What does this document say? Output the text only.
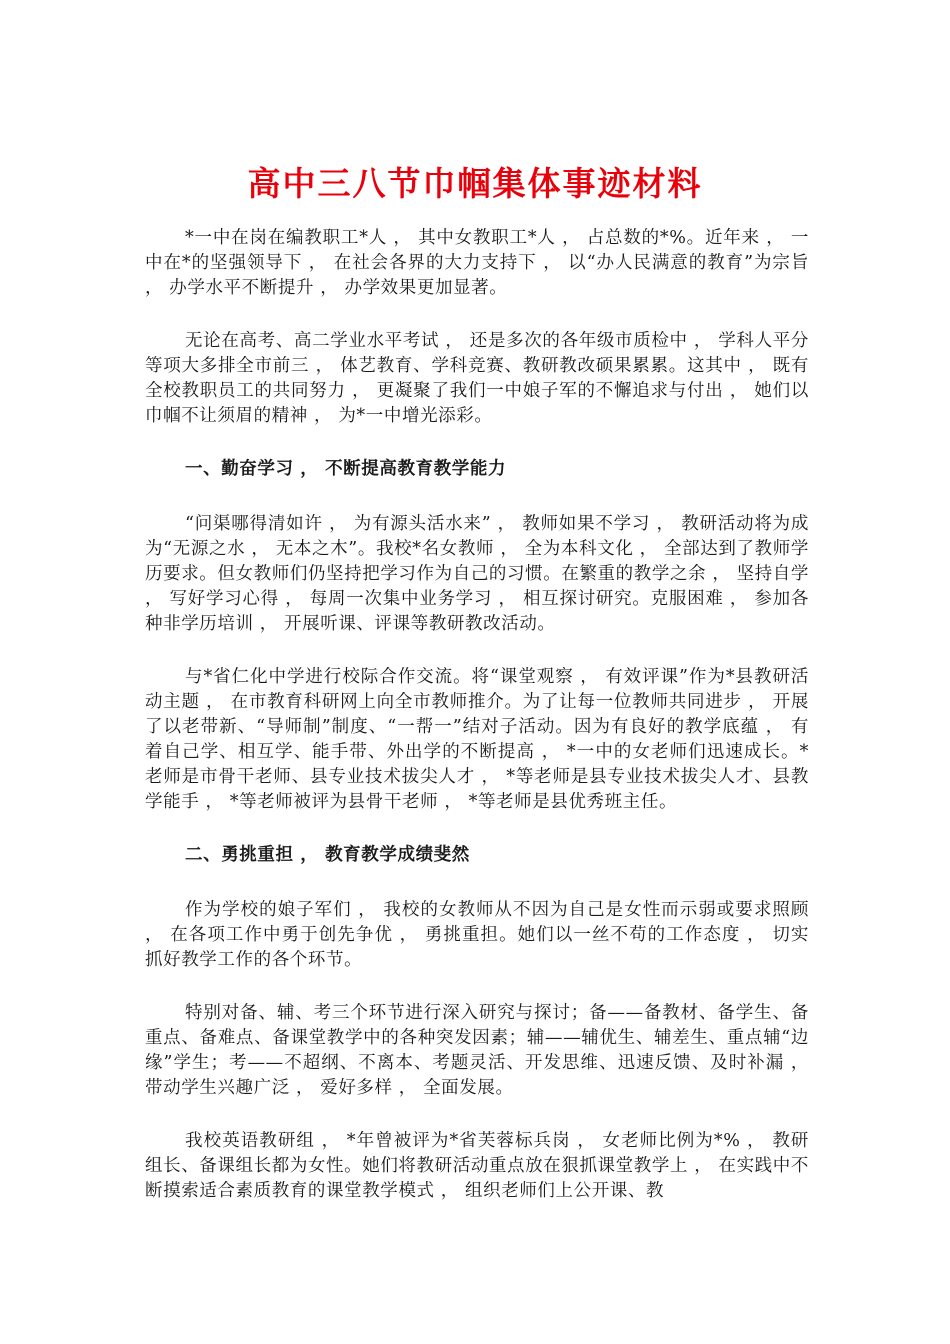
高中三八节巾帼集体事迹材料

*一中在岗在编教职工*人 ， 其中女教职工*人 ， 占总数的*%。近年来 ， 一中在*的坚强领导下 ， 在社会各界的大力支持下 ， 以“办人民满意的教育”为宗旨 ， 办学水平不断提升 ， 办学效果更加显著。

无论在高考、高二学业水平考试 ， 还是多次的各年级市质检中 ， 学科人平分等项大多排全市前三 ， 体艺教育、学科竞赛、教研教改硕果累累。这其中 ， 既有全校教职员工的共同努力 ， 更凝聚了我们一中娘子军的不懈追求与付出 ， 她们以巾帼不让须眉的精神 ， 为*一中增光添彩。

一、勤奋学习 ， 不断提高教育教学能力

“问渠哪得清如许 ， 为有源头活水来” ， 教师如果不学习 ， 教研活动将为成为“无源之水 ， 无本之木”。我校*名女教师 ， 全为本科文化 ， 全部达到了教师学历要求。但女教师们仍坚持把学习作为自己的习惯。在繁重的教学之余 ， 坚持自学 ， 写好学习心得 ， 每周一次集中业务学习 ， 相互探讨研究。克服困难 ， 参加各种非学历培训 ， 开展听课、评课等教研教改活动。

与*省仁化中学进行校际合作交流。将“课堂观察 ， 有效评课”作为*县教研活动主题 ， 在市教育科研网上向全市教师推介。为了让每一位教师共同进步 ， 开展了以老带新、“导师制”制度、“一帮一”结对子活动。因为有良好的教学底蕴 ， 有着自己学、相互学、能手带、外出学的不断提高 ， *一中的女老师们迅速成长。*老师是市骨干老师、县专业技术拔尖人才 ， *等老师是县专业技术拔尖人才、县教学能手 ， *等老师被评为县骨干老师 ， *等老师是县优秀班主任。

二、勇挑重担 ， 教育教学成绩斐然

作为学校的娘子军们 ， 我校的女教师从不因为自己是女性而示弱或要求照顾 ， 在各项工作中勇于创先争优 ， 勇挑重担。她们以一丝不苟的工作态度 ， 切实抓好教学工作的各个环节。

特别对备、辅、考三个环节进行深入研究与探讨；备——备教材、备学生、备重点、备难点、备课堂教学中的各种突发因素；辅——辅优生、辅差生、重点辅“边缘”学生；考——不超纲、不离本、考题灵活、开发思维、迅速反馈、及时补漏 ， 带动学生兴趣广泛 ， 爱好多样 ， 全面发展。

我校英语教研组 ， *年曾被评为*省芙蓉标兵岗 ， 女老师比例为*% ， 教研组长、备课组长都为女性。她们将教研活动重点放在狠抓课堂教学上 ， 在实践中不断摸索适合素质教育的课堂教学模式 ， 组织老师们上公开课、教
